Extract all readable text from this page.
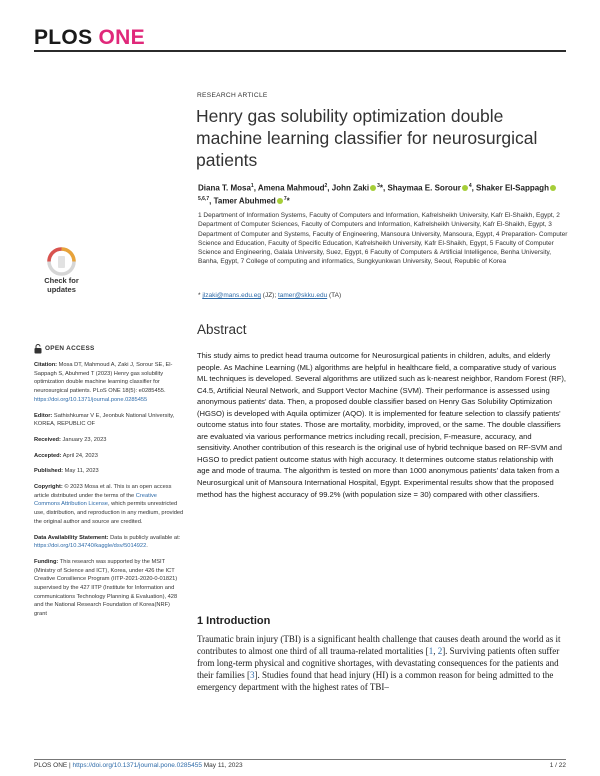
PLOS ONE
RESEARCH ARTICLE
Henry gas solubility optimization double machine learning classifier for neurosurgical patients
Diana T. Mosa$^1$, Amena Mahmoud$^2$, John Zaki $^3$*, Shaymaa E. Sorour $^4$, Shaker El-Sappagh$^{5,6,7}$, Tamer Abuhmed $^7$*
1 Department of Information Systems, Faculty of Computers and Information, Kafrelsheikh University, Kafr El-Shaikh, Egypt, 2 Department of Computer Sciences, Faculty of Computers and Information, Kafrelsheikh University, Kafr El-Shaikh, Egypt, 3 Department of Computer and Systems, Faculty of Engineering, Mansoura University, Mansoura, Egypt, 4 Preparation- Computer Science and Education, Faculty of Specific Education, Kafrelsheikh University, Kafr El-Shaikh, Egypt, 5 Faculty of Computer Science and Engineering, Galala University, Suez, Egypt, 6 Faculty of Computers & Artificial Intelligence, Benha University, Banha, Egypt, 7 College of computing and informatics, Sungkyunkwan University, Seoul, Republic of Korea
* jlzaki@mans.edu.eg (JZ); tamer@skku.edu (TA)
Check for
updates
OPEN ACCESS
Citation: Mosa DT, Mahmoud A, Zaki J, Sorour SE, El-Sappagh S, Abuhmed T (2023) Henry gas solubility optimization double machine learning classifier for neurosurgical patients. PLoS ONE 18(5): e0285455. https://doi.org/10.1371/journal.pone.0285455
Editor: Sathishkumar V E, Jeonbuk National University, KOREA, REPUBLIC OF
Received: January 23, 2023
Accepted: April 24, 2023
Published: May 11, 2023
Copyright: © 2023 Mosa et al. This is an open access article distributed under the terms of the Creative Commons Attribution License, which permits unrestricted use, distribution, and reproduction in any medium, provided the original author and source are credited.
Data Availability Statement: Data is publicly available at: https://doi.org/10.34740/kaggle/dsv/5014922.
Funding: This research was supported by the MSIT (Ministry of Science and ICT), Korea, under 426 the ICT Creative Consilience Program (IITP-2021-2020-0-01821) supervised by the 427 IITP (Institute for Information and communications Technology Planning & Evaluation), 428 and the National Research Foundation of Korea(NRF) grant
Abstract
This study aims to predict head trauma outcome for Neurosurgical patients in children, adults, and elderly people. As Machine Learning (ML) algorithms are helpful in healthcare field, a comparative study of various ML techniques is developed. Several algorithms are utilized such as k-nearest neighbor, Random Forest (RF), C4.5, Artificial Neural Network, and Support Vector Machine (SVM). Their performance is assessed using anonymous patients' data. Then, a proposed double classifier based on Henry Gas Solubility Optimization (HGSO) is developed with Aquila optimizer (AQO). It is implemented for feature selection to classify patients' outcome status into four states. Those are mortality, morbidity, improved, or the same. The double classifiers are evaluated via various performance metrics including recall, precision, F-measure, accuracy, and sensitivity. Another contribution of this research is the original use of hybrid technique based on RF-SVM and HGSO to predict patient outcome status with high accuracy. It determines outcome status relationship with age and mode of trauma. The algorithm is tested on more than 1000 anonymous patients' data taken from a Neurosurgical unit of Mansoura International Hospital, Egypt. Experimental results show that the proposed method has the highest accuracy of 99.2% (with population size = 30) compared with other classifiers.
1 Introduction
Traumatic brain injury (TBI) is a significant health challenge that causes death around the world as it contributes to almost one third of all trauma-related mortalities [1, 2]. Surviving patients often suffer from long-term physical and cognitive shortages, with devastating consequences for the patients and their families [3]. Studies found that head injury (HI) is a common reason for being admitted to the emergency department with the highest rates of TBI–
PLOS ONE | https://doi.org/10.1371/journal.pone.0285455 May 11, 2023	1 / 22
